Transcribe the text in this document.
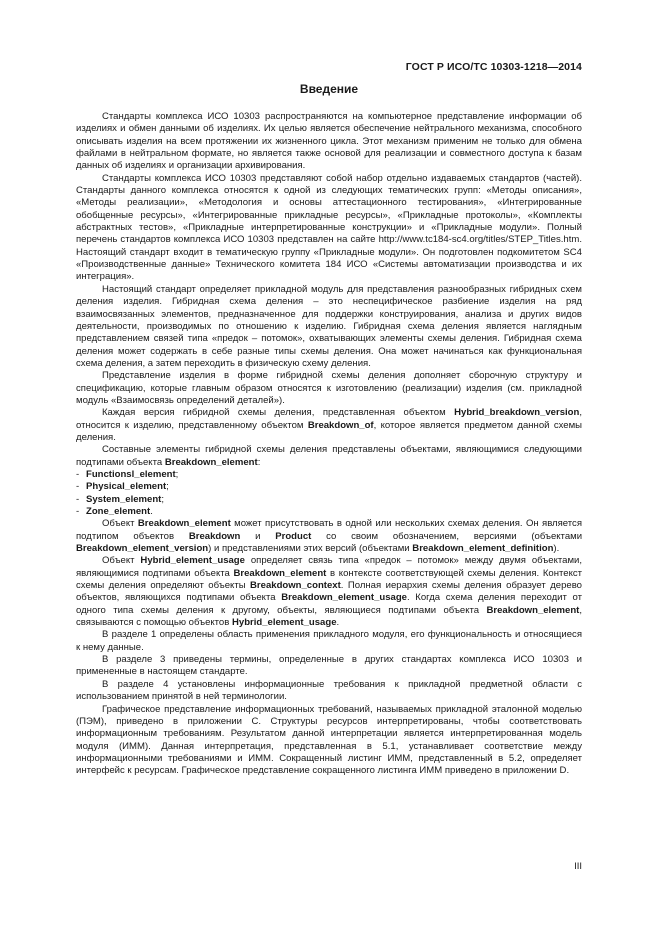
ГОСТ Р ИСО/ТС 10303-1218—2014
Введение

Стандарты комплекса ИСО 10303 распространяются на компьютерное представление информации об изделиях и обмен данными об изделиях. Их целью является обеспечение нейтрального механизма, способного описывать изделия на всем протяжении их жизненного цикла. Этот механизм применим не только для обмена файлами в нейтральном формате, но является также основой для реализации и совместного доступа к базам данных об изделиях и организации архивирования.

Стандарты комплекса ИСО 10303 представляют собой набор отдельно издаваемых стандартов (частей). Стандарты данного комплекса относятся к одной из следующих тематических групп: «Методы описания», «Методы реализации», «Методология и основы аттестационного тестирования», «Интегрированные обобщенные ресурсы», «Интегрированные прикладные ресурсы», «Прикладные протоколы», «Комплекты абстрактных тестов», «Прикладные интерпретированные конструкции» и «Прикладные модули». Полный перечень стандартов комплекса ИСО 10303 представлен на сайте http://www.tc184-sc4.org/titles/STEP_Titles.htm. Настоящий стандарт входит в тематическую группу «Прикладные модули». Он подготовлен подкомитетом SC4 «Производственные данные» Технического комитета 184 ИСО «Системы автоматизации производства и их интеграция».

Настоящий стандарт определяет прикладной модуль для представления разнообразных гибридных схем деления изделия. Гибридная схема деления – это неспецифическое разбиение изделия на ряд взаимосвязанных элементов, предназначенное для поддержки конструирования, анализа и других видов деятельности, производимых по отношению к изделию. Гибридная схема деления является наглядным представлением связей типа «предок – потомок», охватывающих элементы схемы деления. Гибридная схема деления может содержать в себе разные типы схемы деления. Она может начинаться как функциональная схема деления, а затем переходить в физическую схему деления.

Представление изделия в форме гибридной схемы деления дополняет сборочную структуру и спецификацию, которые главным образом относятся к изготовлению (реализации) изделия (см. прикладной модуль «Взаимосвязь определений деталей»).

Каждая версия гибридной схемы деления, представленная объектом Hybrid_breakdown_version, относится к изделию, представленному объектом Breakdown_of, которое является предметом данной схемы деления.

Составные элементы гибридной схемы деления представлены объектами, являющимися следующими подтипами объекта Breakdown_element:

- Functionsl_element;
- Physical_element;
- System_element;
- Zone_element.

Объект Breakdown_element может присутствовать в одной или нескольких схемах деления. Он является подтипом объектов Breakdown и Product со своим обозначением, версиями (объектами Breakdown_element_version) и представлениями этих версий (объектами Breakdown_element_definition).

Объект Hybrid_element_usage определяет связь типа «предок – потомок» между двумя объектами, являющимися подтипами объекта Breakdown_element в контексте соответствующей схемы деления. Контекст схемы деления определяют объекты Breakdown_context. Полная иерархия схемы деления образует дерево объектов, являющихся подтипами объекта Breakdown_element_usage. Когда схема деления переходит от одного типа схемы деления к другому, объекты, являющиеся подтипами объекта Breakdown_element, связываются с помощью объектов Hybrid_element_usage.

В разделе 1 определены область применения прикладного модуля, его функциональность и относящиеся к нему данные.

В разделе 3 приведены термины, определенные в других стандартах комплекса ИСО 10303 и примененные в настоящем стандарте.

В разделе 4 установлены информационные требования к прикладной предметной области с использованием принятой в ней терминологии.

Графическое представление информационных требований, называемых прикладной эталонной моделью (ПЭМ), приведено в приложении C. Структуры ресурсов интерпретированы, чтобы соответствовать информационным требованиям. Результатом данной интерпретации является интерпретированная модель модуля (ИММ). Данная интерпретация, представленная в 5.1, устанавливает соответствие между информационными требованиями и ИММ. Сокращенный листинг ИММ, представленный в 5.2, определяет интерфейс к ресурсам. Графическое представление сокращенного листинга ИММ приведено в приложении D.

III
